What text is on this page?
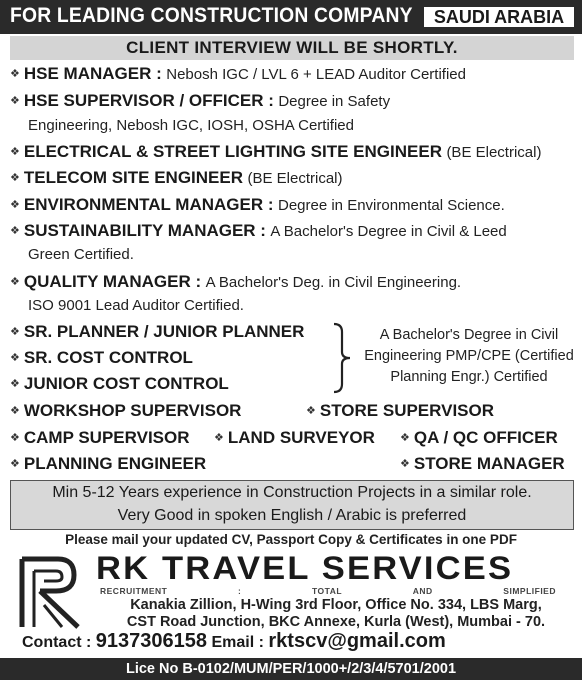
FOR LEADING CONSTRUCTION COMPANY	SAUDI ARABIA
CLIENT INTERVIEW WILL BE SHORTLY.
❖ HSE MANAGER : Nebosh IGC / LVL 6 + LEAD Auditor Certified
❖ HSE SUPERVISOR / OFFICER : Degree in Safety
Engineering, Nebosh IGC, IOSH, OSHA Certified
❖ ELECTRICAL & STREET LIGHTING SITE ENGINEER (BE Electrical)
❖ TELECOM SITE ENGINEER (BE Electrical)
❖ ENVIRONMENTAL MANAGER : Degree in Environmental Science.
❖ SUSTAINABILITY MANAGER : A Bachelor's Degree in Civil & Leed
Green Certified.
❖ QUALITY MANAGER : A Bachelor's Deg. in Civil Engineering.
ISO 9001 Lead Auditor Certified.
❖ SR. PLANNER / JUNIOR PLANNER
❖ SR. COST CONTROL
❖ JUNIOR COST CONTROL
A Bachelor's Degree in Civil
Engineering PMP/CPE (Certified
Planning Engr.) Certified
❖ WORKSHOP SUPERVISOR	❖ STORE SUPERVISOR
❖ CAMP SUPERVISOR ❖ LAND SURVEYOR ❖ QA / QC OFFICER
❖ PLANNING ENGINEER	❖ STORE MANAGER
Min 5-12 Years experience in Construction Projects in a similar role.
Very Good in spoken English / Arabic is preferred
Please mail your updated CV, Passport Copy & Certificates in one PDF
RK TRAVEL SERVICES
RECRUITMENT	:	TOTAL	AND	SIMPLIFIED
Kanakia Zillion, H-Wing 3rd Floor, Office No. 334, LBS Marg,
CST Road Junction, BKC Annexe, Kurla (West), Mumbai - 70.
Contact : 9137306158 Email : rktscv@gmail.com
Lice No B-0102/MUM/PER/1000+/2/3/4/5701/2001
